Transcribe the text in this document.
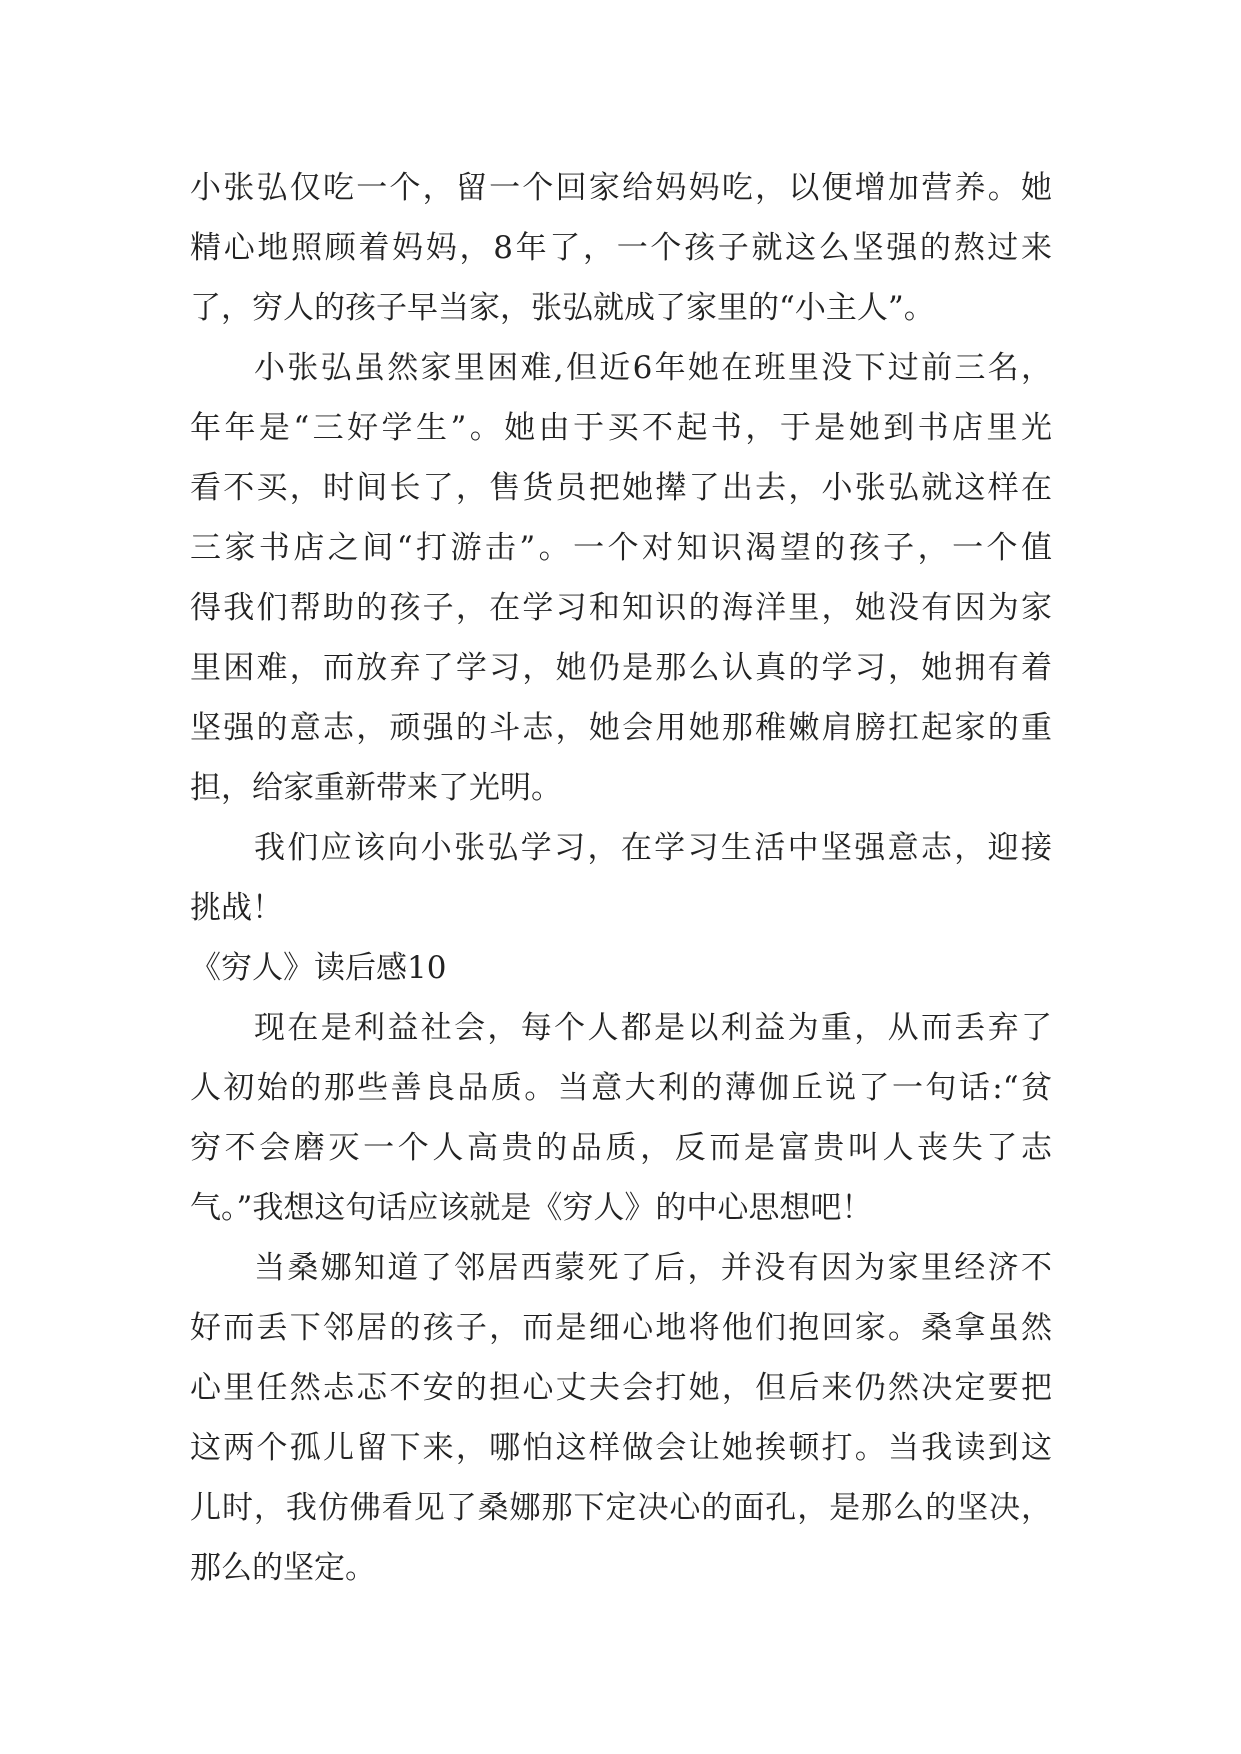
小张弘仅吃一个，留一个回家给妈妈吃，以便增加营养。她
精心地照顾着妈妈，8年了，一个孩子就这么坚强的熬过来
了，穷人的孩子早当家，张弘就成了家里的“小主人”。
小张弘虽然家里困难,但近6年她在班里没下过前三名，
年年是“三好学生”。她由于买不起书，于是她到书店里光
看不买，时间长了，售货员把她撵了出去，小张弘就这样在
三家书店之间“打游击”。一个对知识渴望的孩子，一个值
得我们帮助的孩子，在学习和知识的海洋里，她没有因为家
里困难，而放弃了学习，她仍是那么认真的学习，她拥有着
坚强的意志，顽强的斗志，她会用她那稚嫩肩膀扛起家的重
担，给家重新带来了光明。
我们应该向小张弘学习，在学习生活中坚强意志，迎接
挑战！
《穷人》读后感10
现在是利益社会，每个人都是以利益为重，从而丢弃了
人初始的那些善良品质。当意大利的薄伽丘说了一句话:“贫
穷不会磨灭一个人高贵的品质，反而是富贵叫人丧失了志
气。”我想这句话应该就是《穷人》的中心思想吧！
当桑娜知道了邻居西蒙死了后，并没有因为家里经济不
好而丢下邻居的孩子，而是细心地将他们抱回家。桑拿虽然
心里任然忐忑不安的担心丈夫会打她，但后来仍然决定要把
这两个孤儿留下来，哪怕这样做会让她挨顿打。当我读到这
儿时，我仿佛看见了桑娜那下定决心的面孔，是那么的坚决，
那么的坚定。
